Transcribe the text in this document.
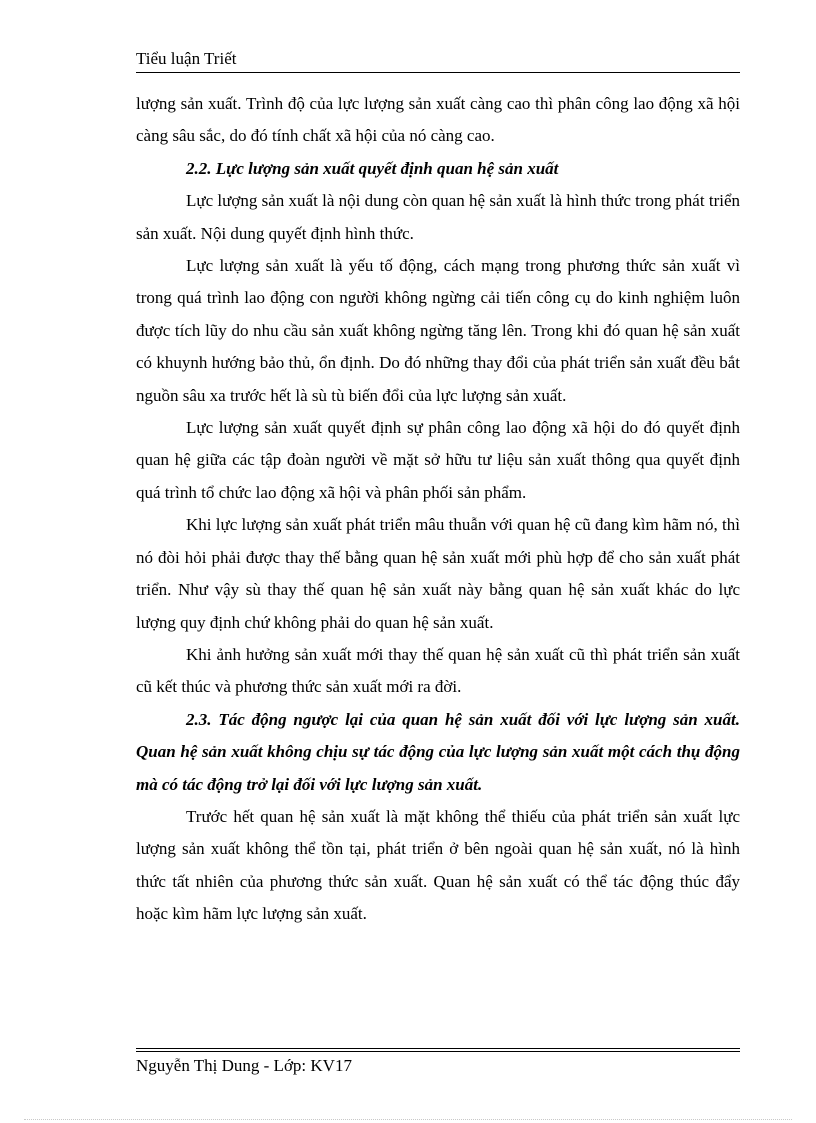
Tiểu luận Triết

lượng sản xuất. Trình độ của lực lượng sản xuất càng cao thì phân công lao động xã hội càng sâu sắc, do đó tính chất xã hội của nó càng cao.

2.2. Lực lượng sản xuất quyết định quan hệ sản xuất

Lực lượng sản xuất là nội dung còn quan hệ sản xuất là hình thức trong phát triển sản xuất. Nội dung quyết định hình thức.

Lực lượng sản xuất là yếu tố động, cách mạng trong phương thức sản xuất vì trong quá trình lao động con người không ngừng cải tiến công cụ do kinh nghiệm luôn được tích lũy do nhu cầu sản xuất không ngừng tăng lên. Trong khi đó quan hệ sản xuất có khuynh hướng bảo thủ, ổn định. Do đó những thay đổi của phát triển sản xuất đều bắt nguồn sâu xa trước hết là sù tù biến đổi của lực lượng sản xuất.

Lực lượng sản xuất quyết định sự phân công lao động xã hội do đó quyết định quan hệ giữa các tập đoàn người về mặt sở hữu tư liệu sản xuất thông qua quyết định quá trình tổ chức lao động xã hội và phân phối sản phẩm.

Khi lực lượng sản xuất phát triển mâu thuẫn với quan hệ cũ đang kìm hãm nó, thì nó đòi hỏi phải được thay thế bằng quan hệ sản xuất mới phù hợp để cho sản xuất phát triển. Như vậy sù thay thế quan hệ sản xuất này bằng quan hệ sản xuất khác do lực lượng quy định chứ không phải do quan hệ sản xuất.

Khi ảnh hưởng sản xuất mới thay thế quan hệ sản xuất cũ thì phát triển sản xuất cũ kết thúc và phương thức sản xuất mới ra đời.

2.3. Tác động ngược lại của quan hệ sản xuất đối với lực lượng sản xuất. Quan hệ sản xuất không chịu sự tác động của lực lượng sản xuất một cách thụ động mà có tác động trở lại đối với lực lượng sản xuất.

Trước hết quan hệ sản xuất là mặt không thể thiếu của phát triển sản xuất lực lượng sản xuất không thể tồn tại, phát triển ở bên ngoài quan hệ sản xuất, nó là hình thức tất nhiên của phương thức sản xuất. Quan hệ sản xuất có thể tác động thúc đẩy hoặc kìm hãm lực lượng sản xuất.

Nguyễn Thị Dung - Lớp: KV17
